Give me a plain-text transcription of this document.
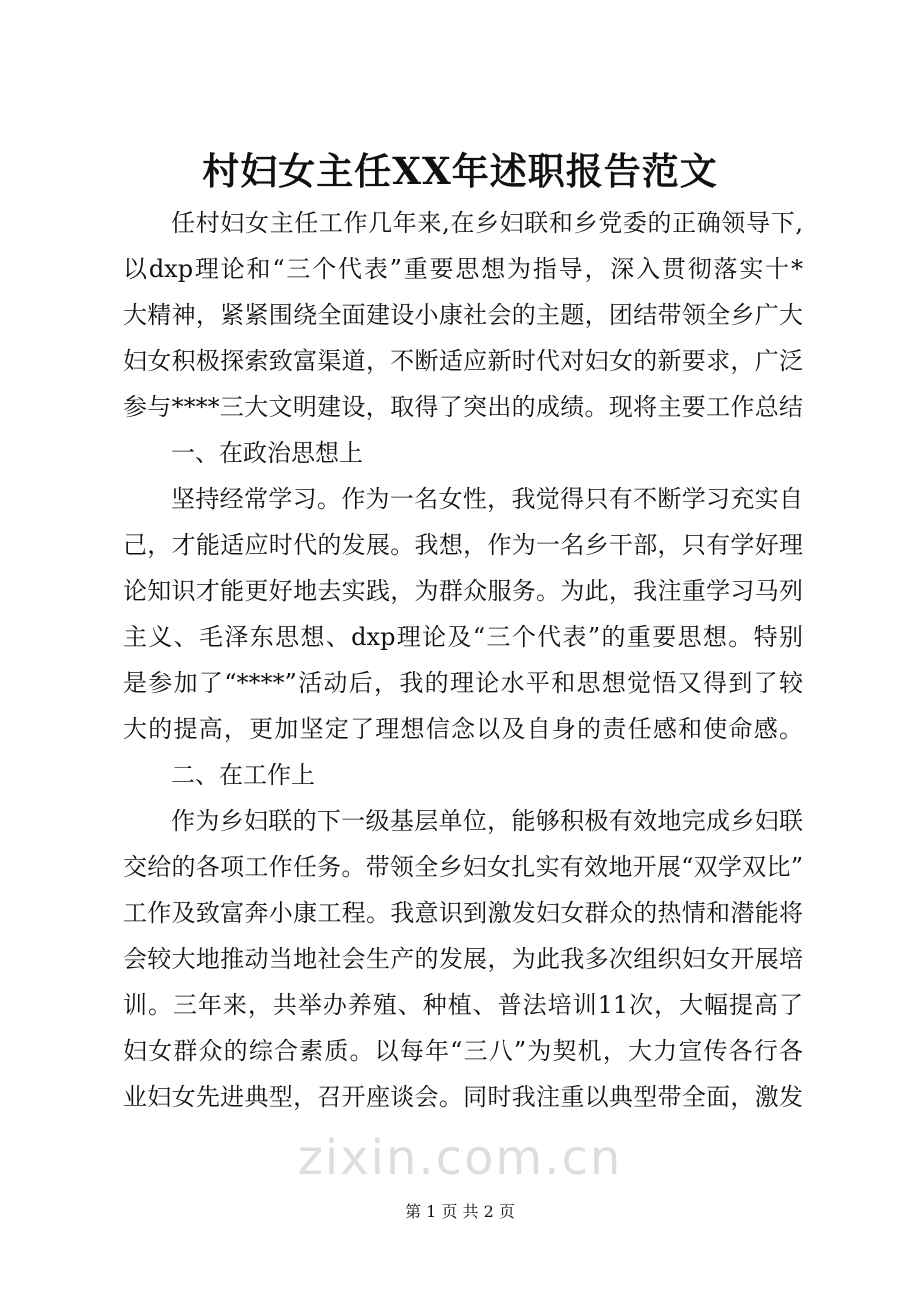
村妇女主任XX年述职报告范文
任村妇女主任工作几年来,在乡妇联和乡党委的正确领导下,
以dxp理论和“三个代表”重要思想为指导，深入贯彻落实十*
大精神，紧紧围绕全面建设小康社会的主题，团结带领全乡广大
妇女积极探索致富渠道，不断适应新时代对妇女的新要求，广泛
参与****三大文明建设，取得了突出的成绩。现将主要工作总结
一、在政治思想上
坚持经常学习。作为一名女性，我觉得只有不断学习充实自
己，才能适应时代的发展。我想，作为一名乡干部，只有学好理
论知识才能更好地去实践，为群众服务。为此，我注重学习马列
主义、毛泽东思想、dxp理论及“三个代表”的重要思想。特别
是参加了“****”活动后，我的理论水平和思想觉悟又得到了较
大的提高，更加坚定了理想信念以及自身的责任感和使命感。
二、在工作上
作为乡妇联的下一级基层单位，能够积极有效地完成乡妇联
交给的各项工作任务。带领全乡妇女扎实有效地开展“双学双比”
工作及致富奔小康工程。我意识到激发妇女群众的热情和潜能将
会较大地推动当地社会生产的发展，为此我多次组织妇女开展培
训。三年来，共举办养殖、种植、普法培训11次，大幅提高了
妇女群众的综合素质。以每年“三八”为契机，大力宣传各行各
业妇女先进典型，召开座谈会。同时我注重以典型带全面，激发
zixin.com.cn
第 1 页 共 2 页
